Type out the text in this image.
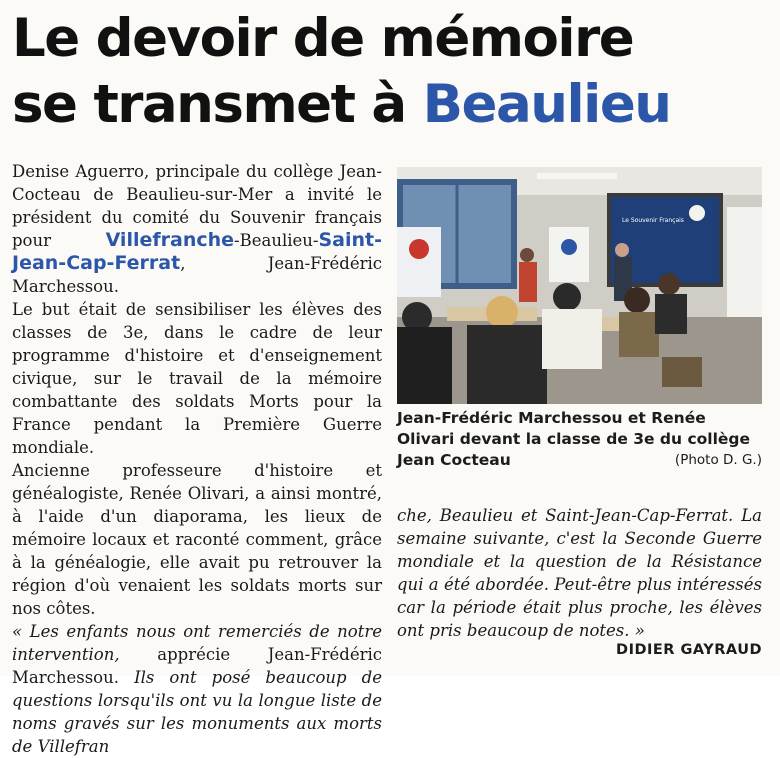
Le devoir de mémoire
se transmet à Beaulieu

Denise Aguerro, principale du collège Jean-Cocteau de Beaulieu-sur-Mer a invité le président du comité du Souvenir français pour Villefranche-Beaulieu-Saint-Jean-Cap-Ferrat, Jean-Frédéric Marchessou.

Le but était de sensibiliser les élèves des classes de 3e, dans le cadre de leur programme d'histoire et d'enseignement civique, sur le travail de la mémoire combattante des soldats Morts pour la France pendant la Première Guerre mondiale.

Ancienne professeure d'histoire et généalogiste, Renée Olivari, a ainsi montré, à l'aide d'un diaporama, les lieux de mémoire locaux et raconté comment, grâce à la généalogie, elle avait pu retrouver la région d'où venaient les soldats morts sur nos côtes.

« Les enfants nous ont remerciés de notre intervention, apprécie Jean-Frédéric Marchessou. Ils ont posé beaucoup de questions lorsqu'ils ont vu la longue liste de noms gravés sur les monuments aux morts de Villefran

Le Souvenir Français
Jean-Frédéric Marchessou et Renée Olivari devant la classe de 3e du collège Jean Cocteau	(Photo D. G.)

che, Beaulieu et Saint-Jean-Cap-Ferrat. La semaine suivante, c'est la Seconde Guerre mondiale et la question de la Résistance qui a été abordée. Peut-être plus intéressés car la période était plus proche, les élèves ont pris beaucoup de notes. »

DIDIER GAYRAUD
